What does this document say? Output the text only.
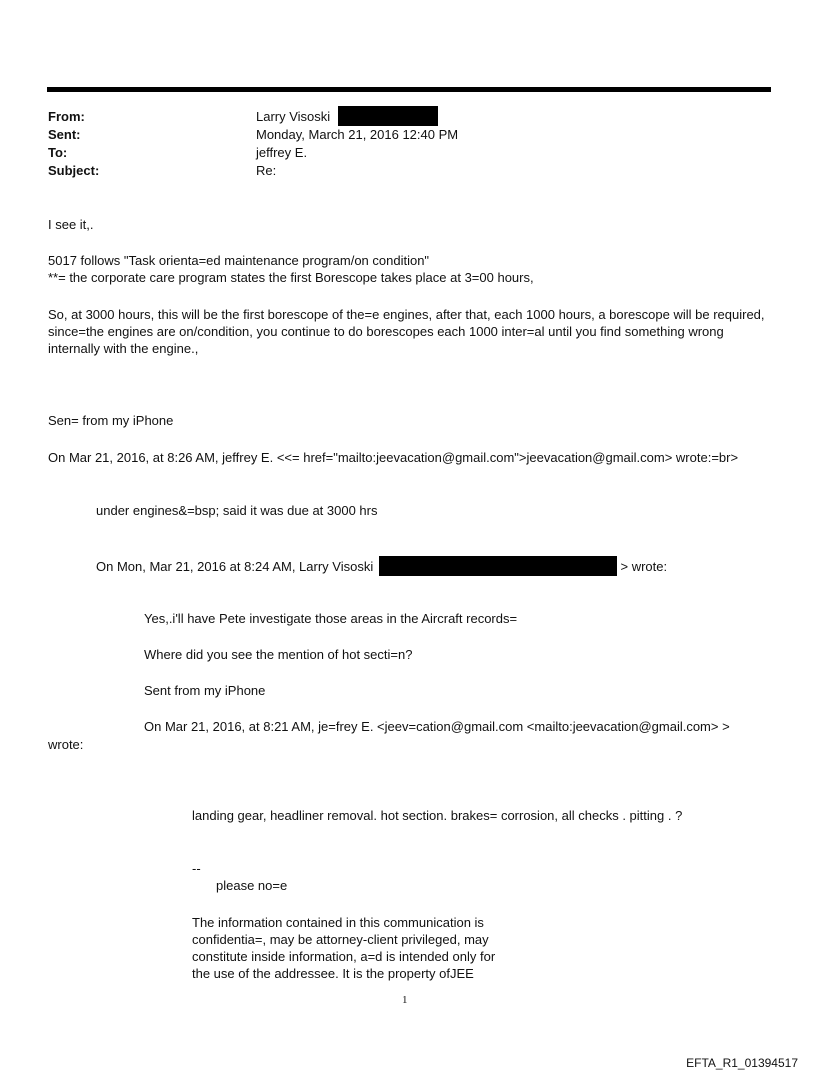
From:	Larry Visoski
Sent:	Monday, March 21, 2016 12:40 PM
To:	jeffrey E.
Subject:	Re:
I see it,.
5017 follows "Task orienta=ed maintenance program/on condition"
**= the corporate care program states the first Borescope takes place at 3=00 hours,
So, at 3000 hours, this will be the first borescope of the=e engines, after that, each 1000 hours, a borescope will be required, since=the engines are on/condition, you continue to do borescopes each 1000 inter=al until you find something wrong internally with the engine.,
Sen= from my iPhone
On Mar 21, 2016, at 8:26 AM, jeffrey E. <<= href="mailto:jeevacation@gmail.com">jeevacation@gmail.com> wrote:=br>
under engines&=bsp; said it was due at 3000 hrs
On Mon, Mar 21, 2016 at 8:24 AM, Larry Visoski	> wrote:
Yes,.i'll have Pete investigate those areas in the Aircraft records=
Where did you see the mention of hot secti=n?
Sent from my iPhone
On Mar 21, 2016, at 8:21 AM, je=frey E. <jeev=cation@gmail.com <mailto:jeevacation@gmail.com> >
wrote:
landing gear, headliner removal. hot section. brakes= corrosion, all checks . pitting . ?
--
please no=e
The information contained in this communication is
confidentia=, may be attorney-client privileged, may
constitute inside information, a=d is intended only for
the use of the addressee. It is the property ofJEE
1
EFTA_R1_01394517
